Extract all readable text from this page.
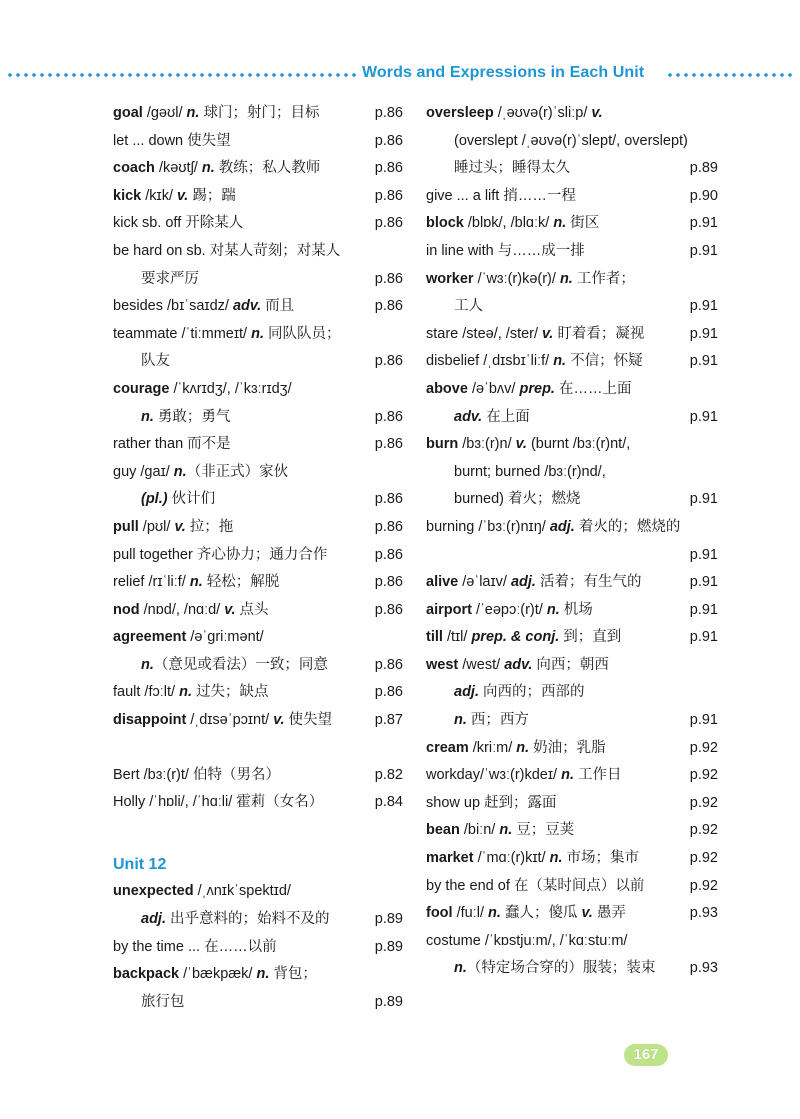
Words and Expressions in Each Unit
goal /ɡəʊl/ n. 球门；射门；目标	p.86
let ... down 使失望	p.86
coach /kəʊtʃ/ n. 教练；私人教师	p.86
kick /kɪk/ v. 踢；踹	p.86
kick sb. off 开除某人	p.86
be hard on sb. 对某人苛刻；对某人
要求严厉	p.86
besides /bɪˈsaɪdz/ adv. 而且	p.86
teammate /ˈtiːmmeɪt/ n. 同队队员；
队友	p.86
courage /ˈkʌrɪdʒ/, /ˈkɜːrɪdʒ/
n. 勇敢；勇气	p.86
rather than 而不是	p.86
guy /ɡaɪ/ n.（非正式）家伙
(pl.) 伙计们	p.86
pull /pʊl/ v. 拉；拖	p.86
pull together 齐心协力；通力合作	p.86
relief /rɪˈliːf/ n. 轻松；解脱	p.86
nod /nɒd/, /nɑːd/ v. 点头	p.86
agreement /əˈɡriːmənt/
n.（意见或看法）一致；同意	p.86
fault /fɔːlt/ n. 过失；缺点	p.86
disappoint /ˌdɪsəˈpɔɪnt/ v. 使失望	p.87
Bert /bɜː(r)t/ 伯特（男名）	p.82
Holly /ˈhɒli/, /ˈhɑːli/ 霍莉（女名）	p.84
Unit 12
unexpected /ˌʌnɪkˈspektɪd/
adj. 出乎意料的；始料不及的	p.89
by the time ... 在……以前	p.89
backpack /ˈbækpæk/ n. 背包；
旅行包	p.89
oversleep /ˌəʊvə(r)ˈsliːp/ v.
(overslept /ˌəʊvə(r)ˈslept/, overslept)
睡过头；睡得太久	p.89
give ... a lift 捎……一程	p.90
block /blɒk/, /blɑːk/ n. 街区	p.91
in line with 与……成一排	p.91
worker /ˈwɜː(r)kə(r)/ n. 工作者；
工人	p.91
stare /steə/, /ster/ v. 盯着看；凝视	p.91
disbelief /ˌdɪsbɪˈliːf/ n. 不信；怀疑	p.91
above /əˈbʌv/ prep. 在……上面
adv. 在上面	p.91
burn /bɜː(r)n/ v. (burnt /bɜː(r)nt/,
burnt; burned /bɜː(r)nd/,
burned) 着火；燃烧	p.91
burning /ˈbɜː(r)nɪŋ/ adj. 着火的；燃烧的
p.91
alive /əˈlaɪv/ adj. 活着；有生气的	p.91
airport /ˈeəpɔː(r)t/ n. 机场	p.91
till /tɪl/ prep. & conj. 到；直到	p.91
west /west/ adv. 向西；朝西
adj. 向西的；西部的
n. 西；西方	p.91
cream /kriːm/ n. 奶油；乳脂	p.92
workday/ˈwɜː(r)kdeɪ/ n. 工作日	p.92
show up 赶到；露面	p.92
bean /biːn/ n. 豆；豆荚	p.92
market /ˈmɑː(r)kɪt/ n. 市场；集市	p.92
by the end of 在（某时间点）以前	p.92
fool /fuːl/ n. 蠢人；傻瓜 v. 愚弄	p.93
costume /ˈkɒstjuːm/, /ˈkɑːstuːm/
n.（特定场合穿的）服装；装束 p.93
167
